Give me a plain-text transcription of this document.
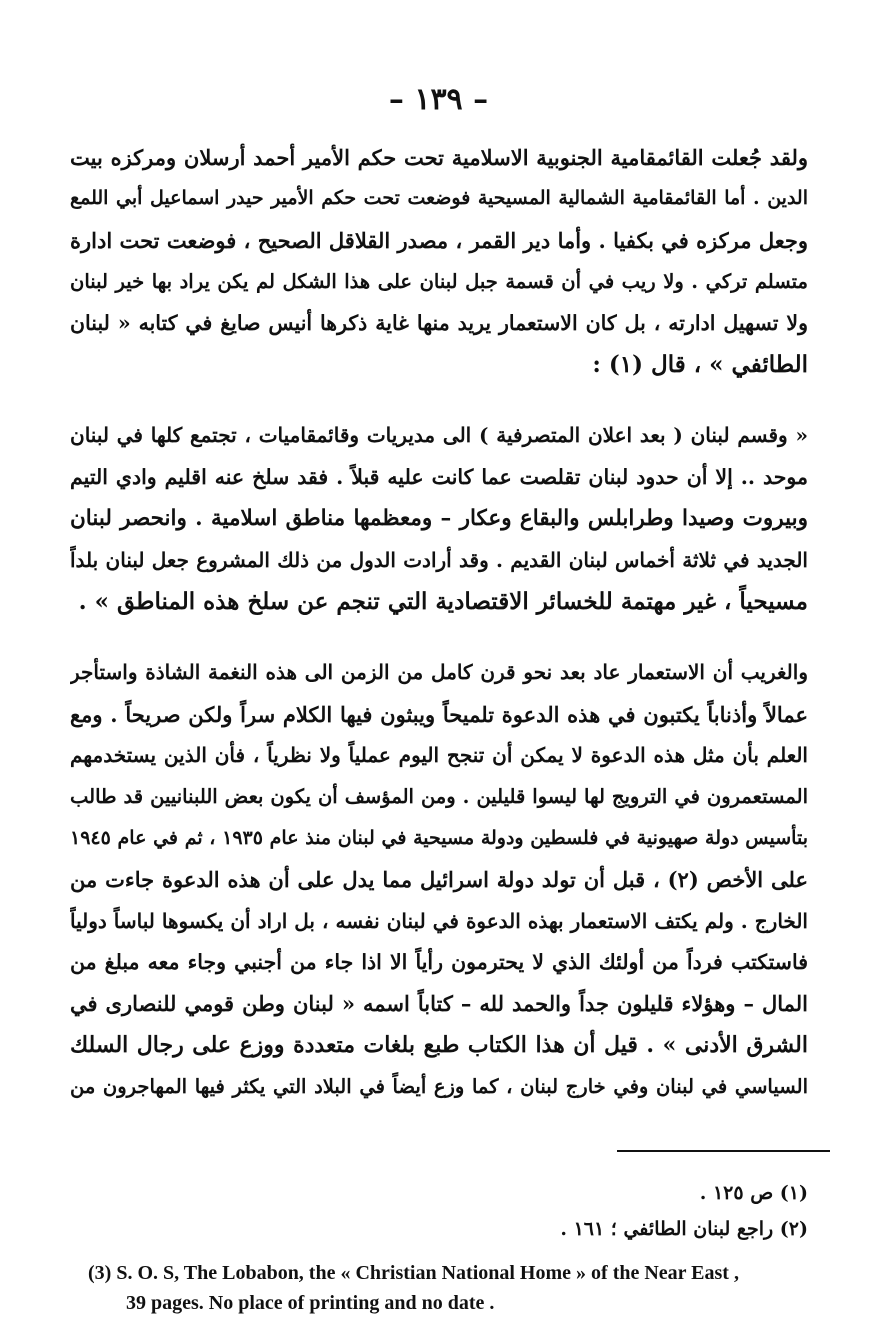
– ١٣٩ –
ولقد جُعلت القائمقامية الجنوبية الاسلامية تحت حكم الأمير أحمد أرسلان ومركزه بيت
الدين . أما القائمقامية الشمالية المسيحية فوضعت تحت حكم الأمير حيدر اسماعيل أبي اللمع
وجعل مركزه في بكفيا . وأما دير القمر ، مصدر القلاقل الصحيح ، فوضعت تحت ادارة
متسلم تركي . ولا ريب في أن قسمة جبل لبنان على هذا الشكل لم يكن يراد بها خير لبنان
ولا تسهيل ادارته ، بل كان الاستعمار يريد منها غاية ذكرها أنيس صايغ في كتابه « لبنان
الطائفي » ، قال (١) :
« وقسم لبنان ( بعد اعلان المتصرفية ) الى مديريات وقائمقاميات ، تجتمع كلها في لبنان
موحد .. إلا أن حدود لبنان تقلصت عما كانت عليه قبلاً . فقد سلخ عنه اقليم وادي التيم
وبيروت وصيدا وطرابلس والبقاع وعكار – ومعظمها مناطق اسلامية . وانحصر لبنان
الجديد في ثلاثة أخماس لبنان القديم . وقد أرادت الدول من ذلك المشروع جعل لبنان بلداً
مسيحياً ، غير مهتمة للخسائر الاقتصادية التي تنجم عن سلخ هذه المناطق » .
والغريب أن الاستعمار عاد بعد نحو قرن كامل من الزمن الى هذه النغمة الشاذة واستأجر
عمالاً وأذناباً يكتبون في هذه الدعوة تلميحاً ويبثون فيها الكلام سراً ولكن صريحاً . ومع
العلم بأن مثل هذه الدعوة لا يمكن أن تنجح اليوم عملياً ولا نظرياً ، فأن الذين يستخدمهم
المستعمرون في الترويج لها ليسوا قليلين . ومن المؤسف أن يكون بعض اللبنانيين قد طالب
بتأسيس دولة صهيونية في فلسطين ودولة مسيحية في لبنان منذ عام ١٩٣٥ ، ثم في عام ١٩٤٥
على الأخص (٢) ، قبل أن تولد دولة اسرائيل مما يدل على أن هذه الدعوة جاءت من
الخارج . ولم يكتف الاستعمار بهذه الدعوة في لبنان نفسه ، بل اراد أن يكسوها لباساً دولياً
فاستكتب فرداً من أولئك الذي لا يحترمون رأياً الا اذا جاء من أجنبي وجاء معه مبلغ من
المال – وهؤلاء قليلون جداً والحمد لله – كتاباً اسمه « لبنان وطن قومي للنصارى في
الشرق الأدنى » . قيل أن هذا الكتاب طبع بلغات متعددة ووزع على رجال السلك
السياسي في لبنان وفي خارج لبنان ، كما وزع أيضاً في البلاد التي يكثر فيها المهاجرون من
(١) ص ١٢٥ .
(٢) راجع لبنان الطائفي ؛ ١٦١ .
(3) S. O. S, The Lobabon, the « Christian National Home » of the Near East ,
39 pages. No place of printing and no date .
